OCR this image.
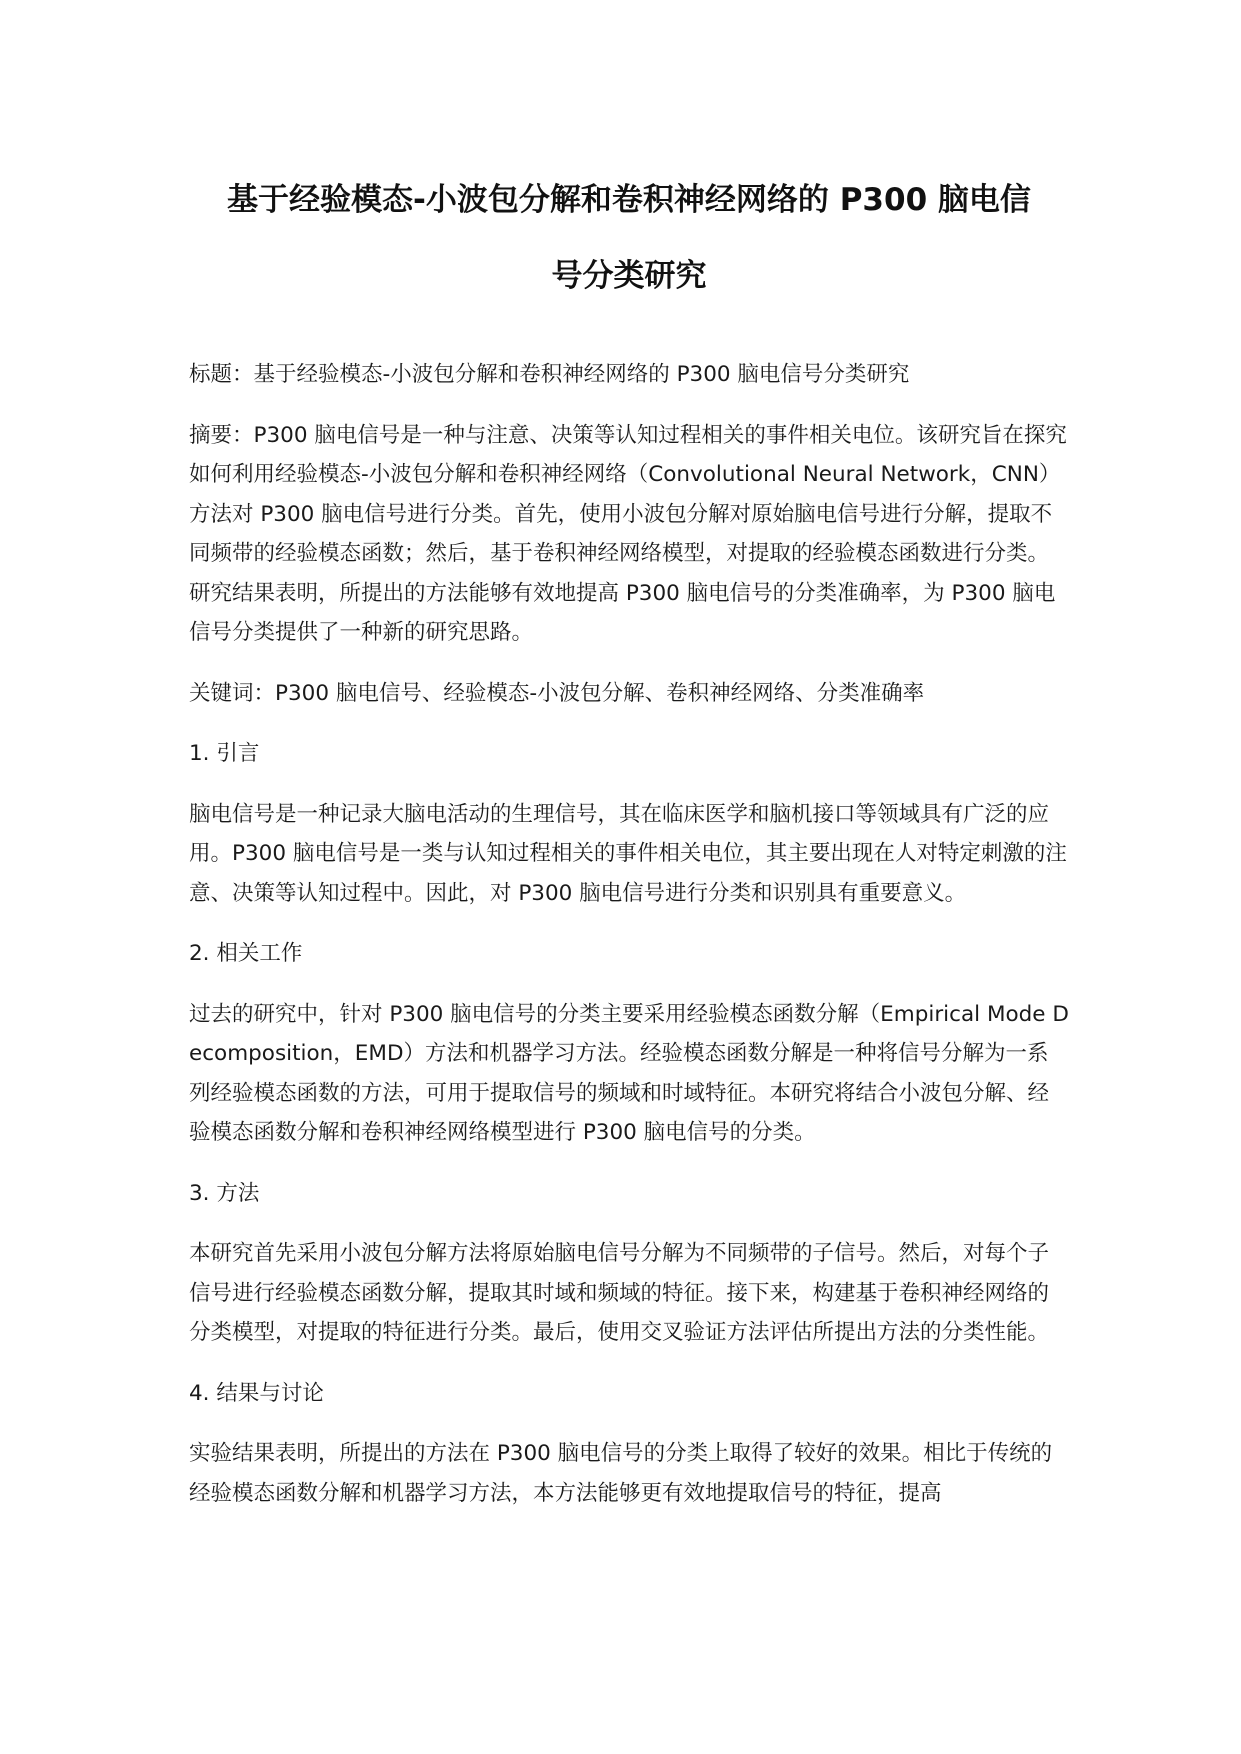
基于经验模态-小波包分解和卷积神经网络的 P300 脑电信
号分类研究

标题：基于经验模态-小波包分解和卷积神经网络的 P300 脑电信号分类研究

摘要：P300 脑电信号是一种与注意、决策等认知过程相关的事件相关电位。该研究旨在探究如何利用经验模态-小波包分解和卷积神经网络（Convolutional Neural Network，CNN）方法对 P300 脑电信号进行分类。首先，使用小波包分解对原始脑电信号进行分解，提取不同频带的经验模态函数；然后，基于卷积神经网络模型，对提取的经验模态函数进行分类。研究结果表明，所提出的方法能够有效地提高 P300 脑电信号的分类准确率，为 P300 脑电信号分类提供了一种新的研究思路。

关键词：P300 脑电信号、经验模态-小波包分解、卷积神经网络、分类准确率

1. 引言

脑电信号是一种记录大脑电活动的生理信号，其在临床医学和脑机接口等领域具有广泛的应用。P300 脑电信号是一类与认知过程相关的事件相关电位，其主要出现在人对特定刺激的注意、决策等认知过程中。因此，对 P300 脑电信号进行分类和识别具有重要意义。

2. 相关工作

过去的研究中，针对 P300 脑电信号的分类主要采用经验模态函数分解（Empirical Mode Decomposition，EMD）方法和机器学习方法。经验模态函数分解是一种将信号分解为一系列经验模态函数的方法，可用于提取信号的频域和时域特征。本研究将结合小波包分解、经验模态函数分解和卷积神经网络模型进行 P300 脑电信号的分类。

3. 方法

本研究首先采用小波包分解方法将原始脑电信号分解为不同频带的子信号。然后，对每个子信号进行经验模态函数分解，提取其时域和频域的特征。接下来，构建基于卷积神经网络的分类模型，对提取的特征进行分类。最后，使用交叉验证方法评估所提出方法的分类性能。

4. 结果与讨论

实验结果表明，所提出的方法在 P300 脑电信号的分类上取得了较好的效果。相比于传统的经验模态函数分解和机器学习方法，本方法能够更有效地提取信号的特征，提高
